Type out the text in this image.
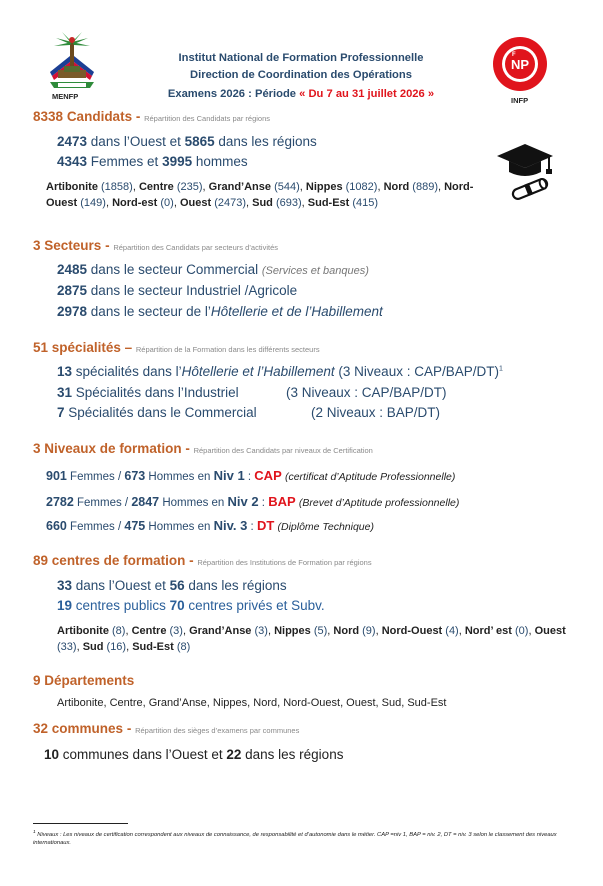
MENFP
NP
F
INFP
Institut National de Formation Professionnelle
Direction de Coordination des Opérations
Examens 2026 : Période « Du 7 au 31 juillet 2026 »
8338 Candidats - Répartition des Candidats par régions
2473 dans l’Ouest et 5865 dans les régions
4343 Femmes et 3995 hommes
Artibonite (1858), Centre (235), Grand’Anse (544), Nippes (1082), Nord (889), Nord-Ouest (149), Nord-est (0), Ouest (2473), Sud (693), Sud-Est (415)
3 Secteurs - Répartition des Candidats par secteurs d’activités
2485 dans le secteur Commercial (Services et banques)
2875 dans le secteur Industriel /Agricole
2978 dans le secteur de l’Hôtellerie et de l’Habillement
51 spécialités – Répartition de la Formation dans les différents secteurs
13 spécialités dans l’Hôtellerie et l’Habillement (3 Niveaux : CAP/BAP/DT)$^1$
31 Spécialités dans l’Industriel	(3 Niveaux : CAP/BAP/DT)
7 Spécialités dans le Commercial	(2 Niveaux : BAP/DT)
3 Niveaux de formation - Répartition des Candidats par niveaux de Certification
901 Femmes / 673 Hommes en Niv 1 : CAP (certificat d’Aptitude Professionnelle)
2782 Femmes / 2847 Hommes en Niv 2 : BAP (Brevet d’Aptitude professionnelle)
660 Femmes / 475 Hommes en Niv. 3 : DT (Diplôme Technique)
89 centres de formation - Répartition des Institutions de Formation par régions
33 dans l’Ouest et 56 dans les régions
19 centres publics 70 centres privés et Subv.
Artibonite (8), Centre (3), Grand’Anse (3), Nippes (5), Nord (9), Nord-Ouest (4), Nord’ est (0), Ouest (33), Sud (16), Sud-Est (8)
9 Départements
Artibonite, Centre, Grand’Anse, Nippes, Nord, Nord-Ouest, Ouest, Sud, Sud-Est
32 communes - Répartition des sièges d’examens par communes
10 communes dans l’Ouest et 22 dans les régions
$^1$ Niveaux : Les niveaux de certification correspondent aux niveaux de connaissance, de responsabilité et d’autonomie dans le métier. CAP =niv 1, BAP = niv. 2, DT = niv. 3 selon le classement des niveaux internationaux.
